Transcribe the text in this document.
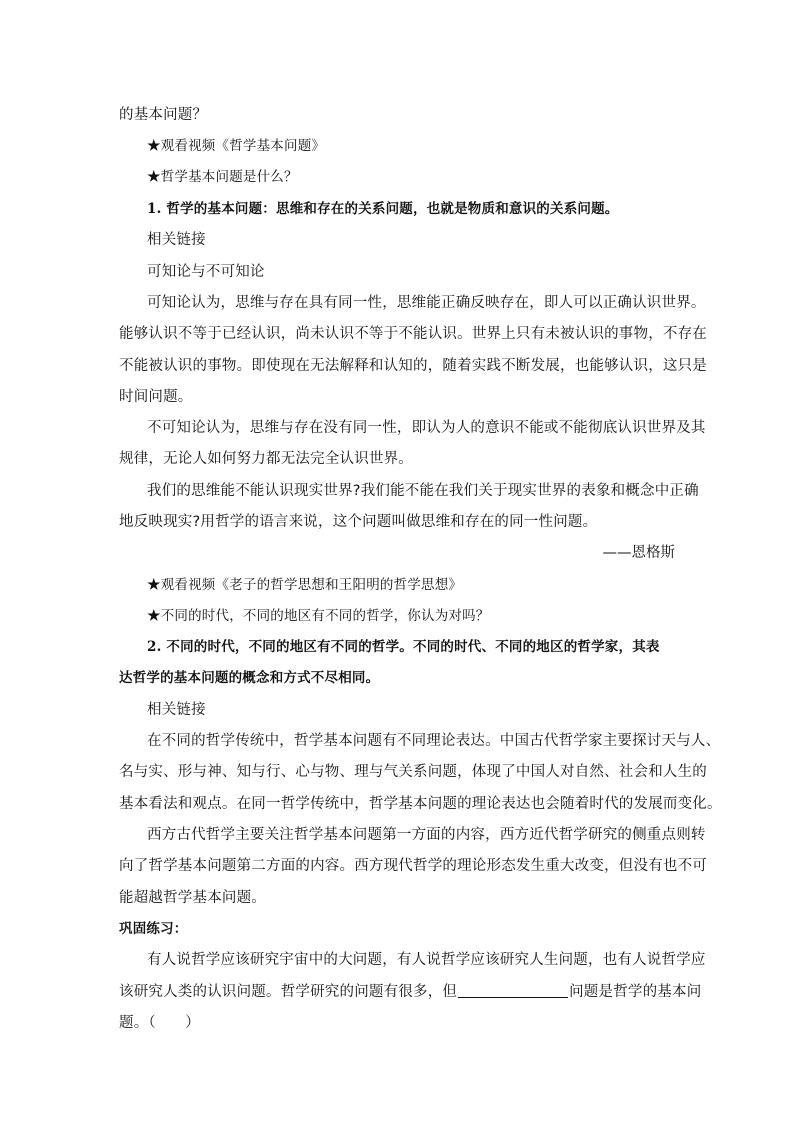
的基本问题？
★观看视频《哲学基本问题》
★哲学基本问题是什么？
1. 哲学的基本问题：思维和存在的关系问题，也就是物质和意识的关系问题。
相关链接
可知论与不可知论
可知论认为，思维与存在具有同一性，思维能正确反映存在，即人可以正确认识世界。
能够认识不等于已经认识，尚未认识不等于不能认识。世界上只有未被认识的事物，不存在
不能被认识的事物。即使现在无法解释和认知的，随着实践不断发展，也能够认识，这只是
时间问题。
不可知论认为，思维与存在没有同一性，即认为人的意识不能或不能彻底认识世界及其
规律，无论人如何努力都无法完全认识世界。
我们的思维能不能认识现实世界?我们能不能在我们关于现实世界的表象和概念中正确
地反映现实?用哲学的语言来说，这个问题叫做思维和存在的同一性问题。
——恩格斯
★观看视频《老子的哲学思想和王阳明的哲学思想》
★不同的时代，不同的地区有不同的哲学，你认为对吗？
2. 不同的时代，不同的地区有不同的哲学。不同的时代、不同的地区的哲学家，其表
达哲学的基本问题的概念和方式不尽相同。
相关链接
在不同的哲学传统中，哲学基本问题有不同理论表达。中国古代哲学家主要探讨天与人、
名与实、形与神、知与行、心与物、理与气关系问题，体现了中国人对自然、社会和人生的
基本看法和观点。在同一哲学传统中，哲学基本问题的理论表达也会随着时代的发展而变化。
西方古代哲学主要关注哲学基本问题第一方面的内容，西方近代哲学研究的侧重点则转
向了哲学基本问题第二方面的内容。西方现代哲学的理论形态发生重大改变，但没有也不可
能超越哲学基本问题。
巩固练习：
有人说哲学应该研究宇宙中的大问题，有人说哲学应该研究人生问题，也有人说哲学应
该研究人类的认识问题。哲学研究的问题有很多，但	问题是哲学的基本问
题。（　　）
